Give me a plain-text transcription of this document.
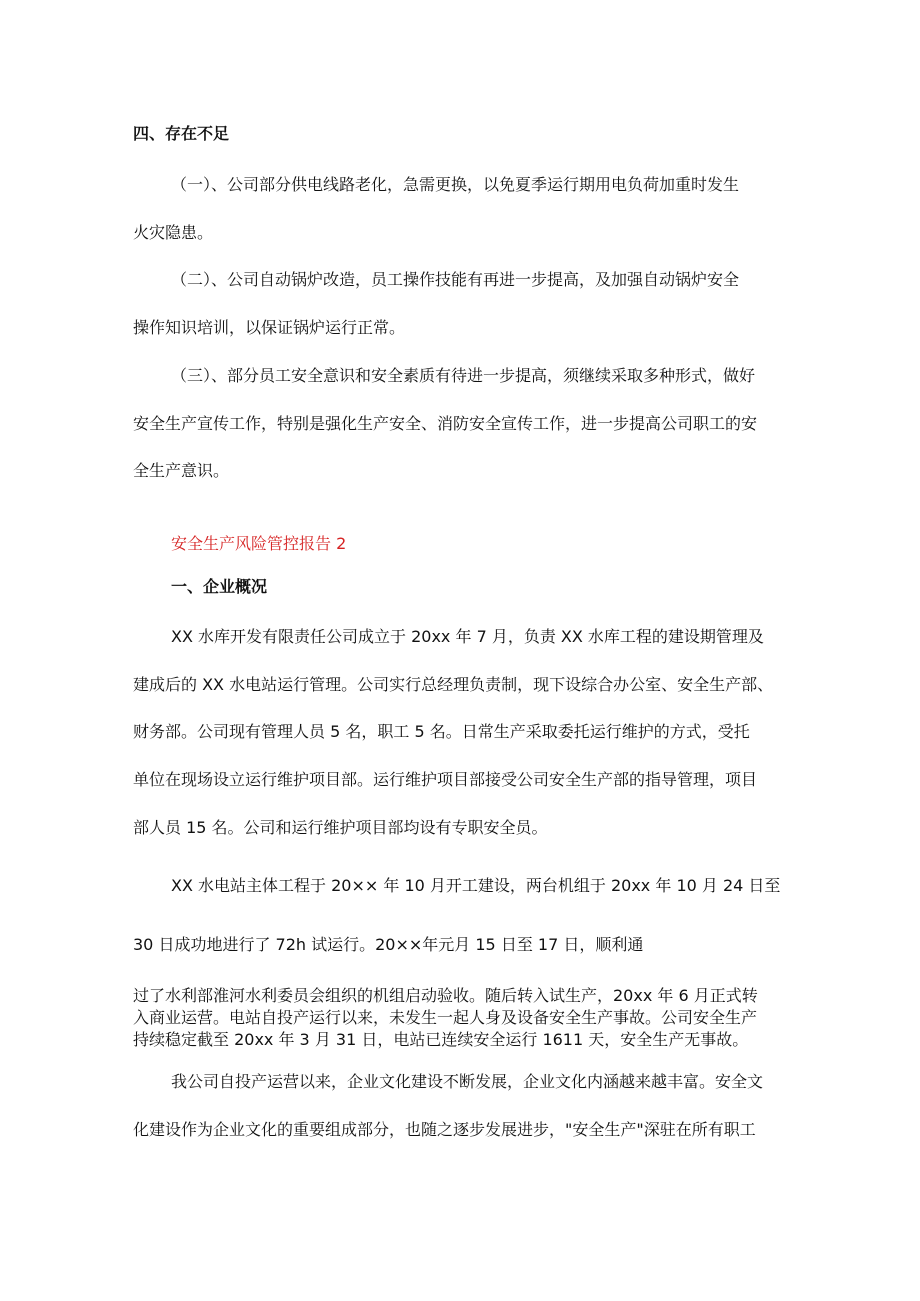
四、存在不足
（一）、公司部分供电线路老化，急需更换，以免夏季运行期用电负荷加重时发生
火灾隐患。
（二）、公司自动锅炉改造，员工操作技能有再进一步提高，及加强自动锅炉安全
操作知识培训，以保证锅炉运行正常。
（三）、部分员工安全意识和安全素质有待进一步提高，须继续采取多种形式，做好
安全生产宣传工作，特别是强化生产安全、消防安全宣传工作，进一步提高公司职工的安
全生产意识。
安全生产风险管控报告 2
一、企业概况
XX 水库开发有限责任公司成立于 20xx 年 7 月，负责 XX 水库工程的建设期管理及
建成后的 XX 水电站运行管理。公司实行总经理负责制，现下设综合办公室、安全生产部、
财务部。公司现有管理人员 5 名，职工 5 名。日常生产采取委托运行维护的方式，受托
单位在现场设立运行维护项目部。运行维护项目部接受公司安全生产部的指导管理，项目
部人员 15 名。公司和运行维护项目部均设有专职安全员。
XX 水电站主体工程于 20×× 年 10 月开工建设，两台机组于 20xx 年 10 月 24 日至
30 日成功地进行了 72h 试运行。20××年元月 15 日至 17 日，顺利通
过了水利部淮河水利委员会组织的机组启动验收。随后转入试生产，20xx 年 6 月正式转
入商业运营。电站自投产运行以来，未发生一起人身及设备安全生产事故。公司安全生产
持续稳定截至 20xx 年 3 月 31 日，电站已连续安全运行 1611 天，安全生产无事故。
我公司自投产运营以来，企业文化建设不断发展，企业文化内涵越来越丰富。安全文
化建设作为企业文化的重要组成部分，也随之逐步发展进步，"安全生产"深驻在所有职工
